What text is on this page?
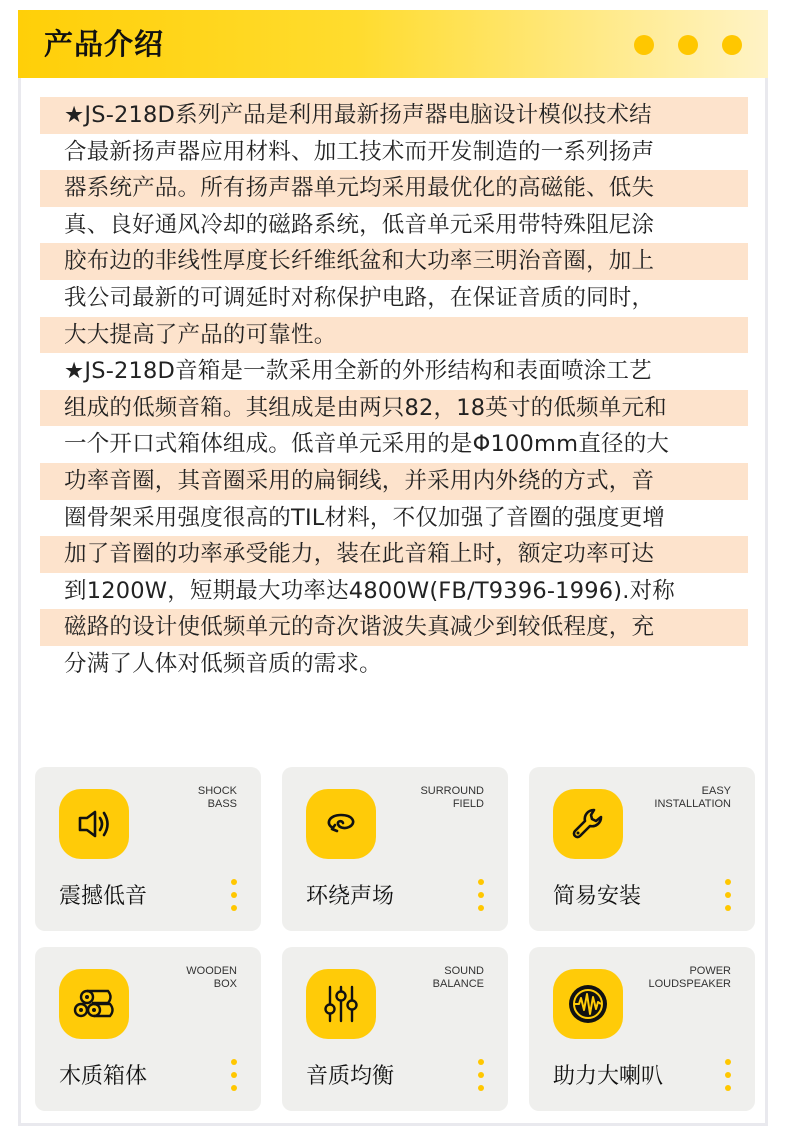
产品介绍
★JS-218D系列产品是利用最新扬声器电脑设计模似技术结
合最新扬声器应用材料、加工技术而开发制造的一系列扬声
器系统产品。所有扬声器单元均采用最优化的高磁能、低失
真、良好通风冷却的磁路系统，低音单元采用带特殊阻尼涂
胶布边的非线性厚度长纤维纸盆和大功率三明治音圈，加上
我公司最新的可调延时对称保护电路，在保证音质的同时，
大大提高了产品的可靠性。
★JS-218D音箱是一款采用全新的外形结构和表面喷涂工艺
组成的低频音箱。其组成是由两只82，18英寸的低频单元和
一个开口式箱体组成。低音单元采用的是Φ100mm直径的大
功率音圈，其音圈采用的扁铜线，并采用内外绕的方式，音
圈骨架采用强度很高的TIL材料，不仅加强了音圈的强度更增
加了音圈的功率承受能力，装在此音箱上时，额定功率可达
到1200W，短期最大功率达4800W(FB/T9396-1996).对称
磁路的设计使低频单元的奇次谐波失真减少到较低程度，充
分满了人体对低频音质的需求。
SHOCK
BASS
震撼低音
SURROUND
FIELD
环绕声场
EASY
INSTALLATION
简易安装
WOODEN
BOX
木质箱体
SOUND
BALANCE
音质均衡
POWER
LOUDSPEAKER
助力大喇叭
